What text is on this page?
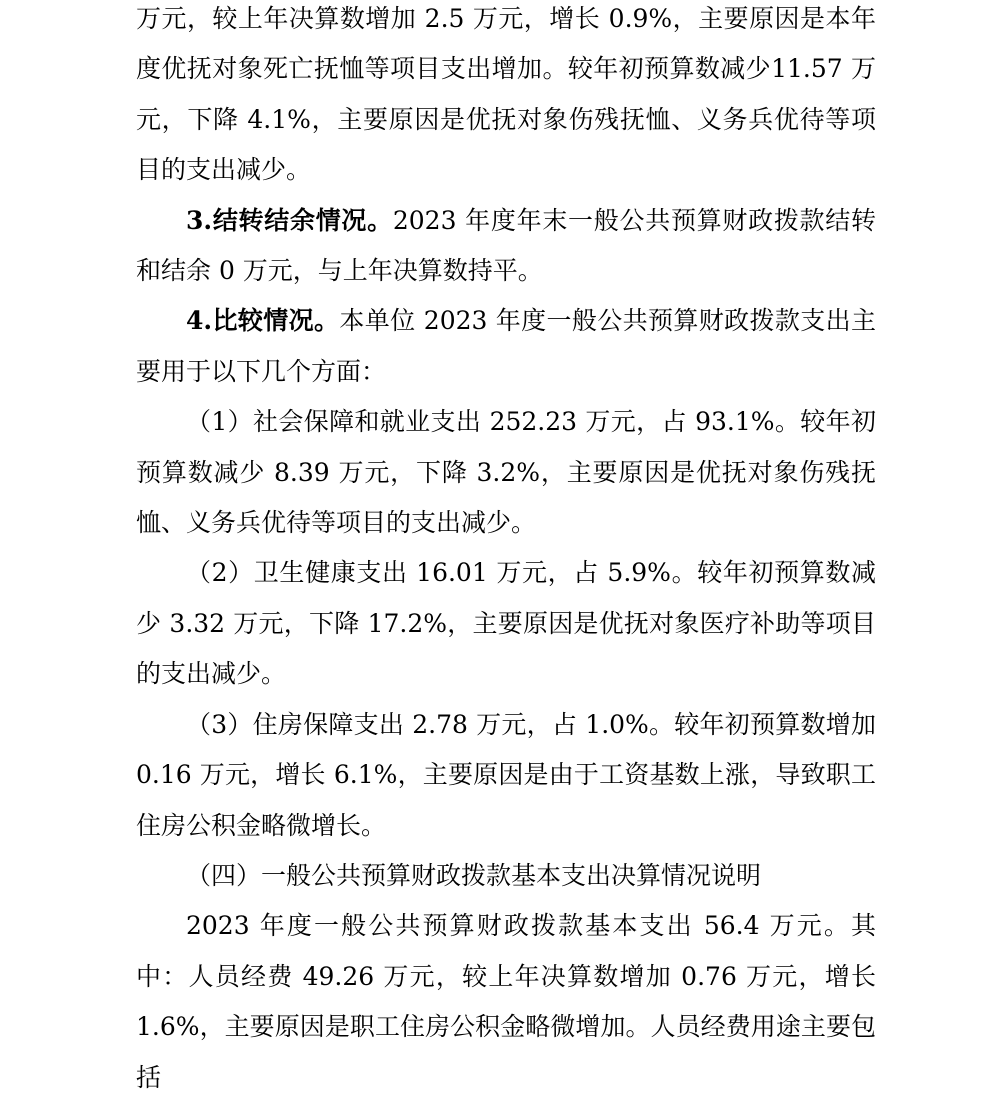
万元，较上年决算数增加 2.5 万元，增长 0.9%，主要原因是本年度优抚对象死亡抚恤等项目支出增加。较年初预算数减少11.57 万元，下降 4.1%，主要原因是优抚对象伤残抚恤、义务兵优待等项目的支出减少。

3.结转结余情况。2023 年度年末一般公共预算财政拨款结转和结余 0 万元，与上年决算数持平。

4.比较情况。本单位 2023 年度一般公共预算财政拨款支出主要用于以下几个方面：

（1）社会保障和就业支出 252.23 万元，占 93.1%。较年初预算数减少 8.39 万元，下降 3.2%，主要原因是优抚对象伤残抚恤、义务兵优待等项目的支出减少。

（2）卫生健康支出 16.01 万元，占 5.9%。较年初预算数减少 3.32 万元，下降 17.2%，主要原因是优抚对象医疗补助等项目的支出减少。

（3）住房保障支出 2.78 万元，占 1.0%。较年初预算数增加 0.16 万元，增长 6.1%，主要原因是由于工资基数上涨，导致职工住房公积金略微增长。

（四）一般公共预算财政拨款基本支出决算情况说明

2023 年度一般公共预算财政拨款基本支出 56.4 万元。其中：人员经费 49.26 万元，较上年决算数增加 0.76 万元，增长 1.6%，主要原因是职工住房公积金略微增加。人员经费用途主要包括
